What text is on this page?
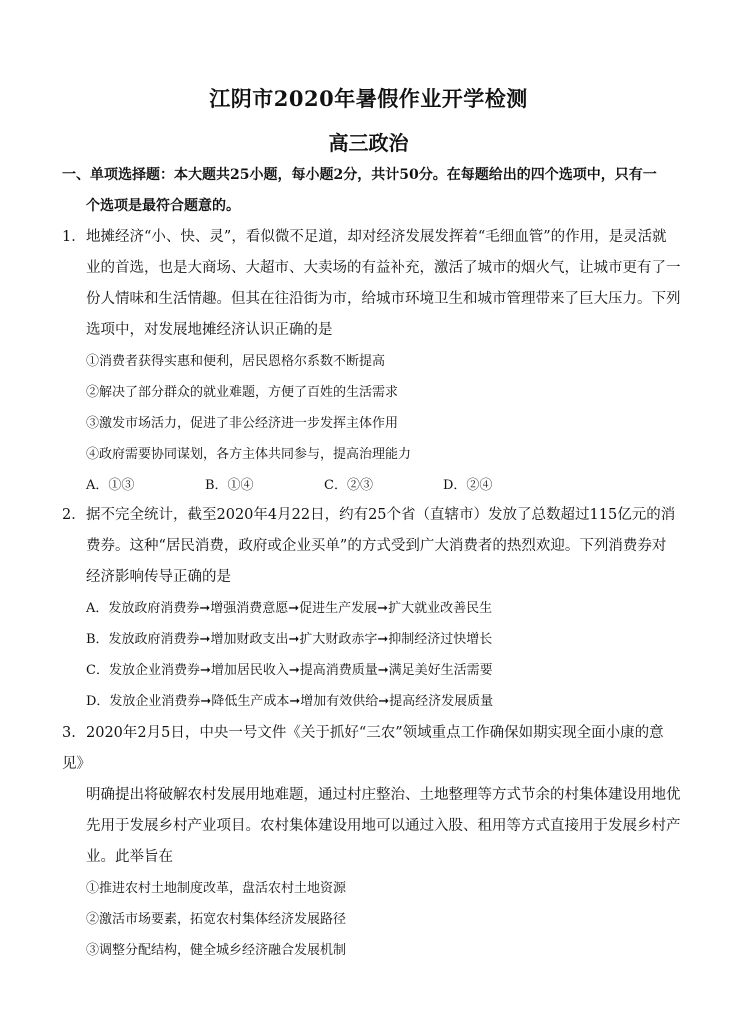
江阴市2020年暑假作业开学检测
高三政治
一、单项选择题：本大题共25小题，每小题2分，共计50分。在每题给出的四个选项中，只有一
个选项是最符合题意的。
1．地摊经济“小、快、灵”，看似微不足道，却对经济发展发挥着“毛细血管”的作用，是灵活就
业的首选，也是大商场、大超市、大卖场的有益补充，激活了城市的烟火气，让城市更有了一
份人情味和生活情趣。但其在往沿街为市，给城市环境卫生和城市管理带来了巨大压力。下列
选项中，对发展地摊经济认识正确的是
①消费者获得实惠和便利，居民恩格尔系数不断提高
②解决了部分群众的就业难题，方便了百姓的生活需求
③激发市场活力，促进了非公经济进一步发挥主体作用
④政府需要协同谋划，各方主体共同参与，提高治理能力
A．①③	B．①④	C．②③	D．②④
2．据不完全统计，截至2020年4月22日，约有25个省（直辖市）发放了总数超过115亿元的消
费券。这种“居民消费，政府或企业买单”的方式受到广大消费者的热烈欢迎。下列消费券对
经济影响传导正确的是
A．发放政府消费券➞增强消费意愿➞促进生产发展➞扩大就业改善民生
B．发放政府消费券➞增加财政支出➞扩大财政赤字➞抑制经济过快增长
C．发放企业消费券➞增加居民收入➞提高消费质量➞满足美好生活需要
D．发放企业消费券➞降低生产成本➞增加有效供给➞提高经济发展质量
3. 2020年2月5日，中央一号文件《关于抓好“三农”领域重点工作确保如期实现全面小康的意见》
明确提出将破解农村发展用地难题，通过村庄整治、土地整理等方式节余的村集体建设用地优
先用于发展乡村产业项目。农村集体建设用地可以通过入股、租用等方式直接用于发展乡村产
业。此举旨在
①推进农村土地制度改革，盘活农村土地资源
②激活市场要素，拓宽农村集体经济发展路径
③调整分配结构，健全城乡经济融合发展机制
